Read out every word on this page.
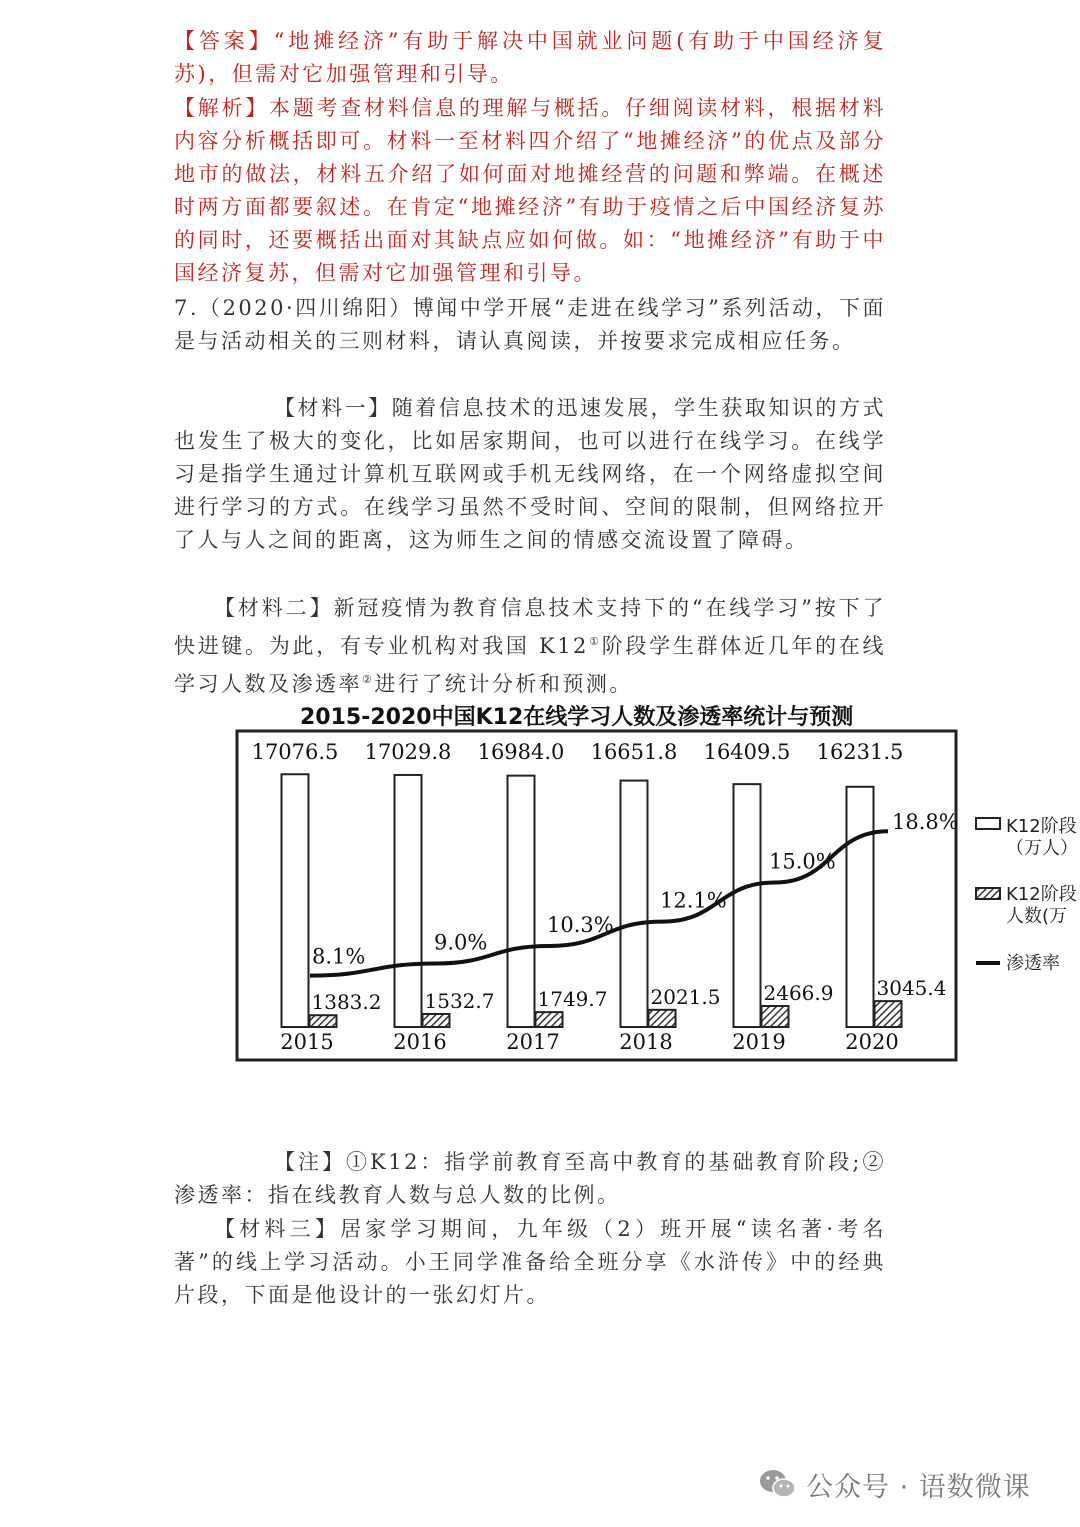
【答案】“地摊经济”有助于解决中国就业问题(有助于中国经济复苏)，但需对它加强管理和引导。
【解析】本题考查材料信息的理解与概括。仔细阅读材料，根据材料内容分析概括即可。材料一至材料四介绍了“地摊经济”的优点及部分地市的做法，材料五介绍了如何面对地摊经营的问题和弊端。在概述时两方面都要叙述。在肯定“地摊经济”有助于疫情之后中国经济复苏的同时，还要概括出面对其缺点应如何做。如：“地摊经济”有助于中国经济复苏，但需对它加强管理和引导。
7.（2020·四川绵阳）博闻中学开展“走进在线学习”系列活动，下面是与活动相关的三则材料，请认真阅读，并按要求完成相应任务。
【材料一】随着信息技术的迅速发展，学生获取知识的方式也发生了极大的变化，比如居家期间，也可以进行在线学习。在线学习是指学生通过计算机互联网或手机无线网络，在一个网络虚拟空间进行学习的方式。在线学习虽然不受时间、空间的限制，但网络拉开了人与人之间的距离，这为师生之间的情感交流设置了障碍。
【材料二】新冠疫情为教育信息技术支持下的“在线学习”按下了快进键。为此，有专业机构对我国 K12①阶段学生群体近几年的在线学习人数及渗透率②进行了统计分析和预测。
2015-2020中国K12在线学习人数及渗透率统计与预测
17076.5
1383.2
2015
17029.8
1532.7
2016
16984.0
1749.7
2017
16651.8
2021.5
2018
16409.5
2466.9
2019
16231.5
3045.4
2020
8.1%
9.0%
10.3%
12.1%
15.0%
18.8%	K12阶段
（万人）
K12阶段
人数(万
渗透率
【注】①K12：指学前教育至高中教育的基础教育阶段;②渗透率：指在线教育人数与总人数的比例。
【材料三】居家学习期间，九年级（2）班开展“读名著·考名著”的线上学习活动。小王同学准备给全班分享《水浒传》中的经典片段，下面是他设计的一张幻灯片。
公众号 · 语数微课
